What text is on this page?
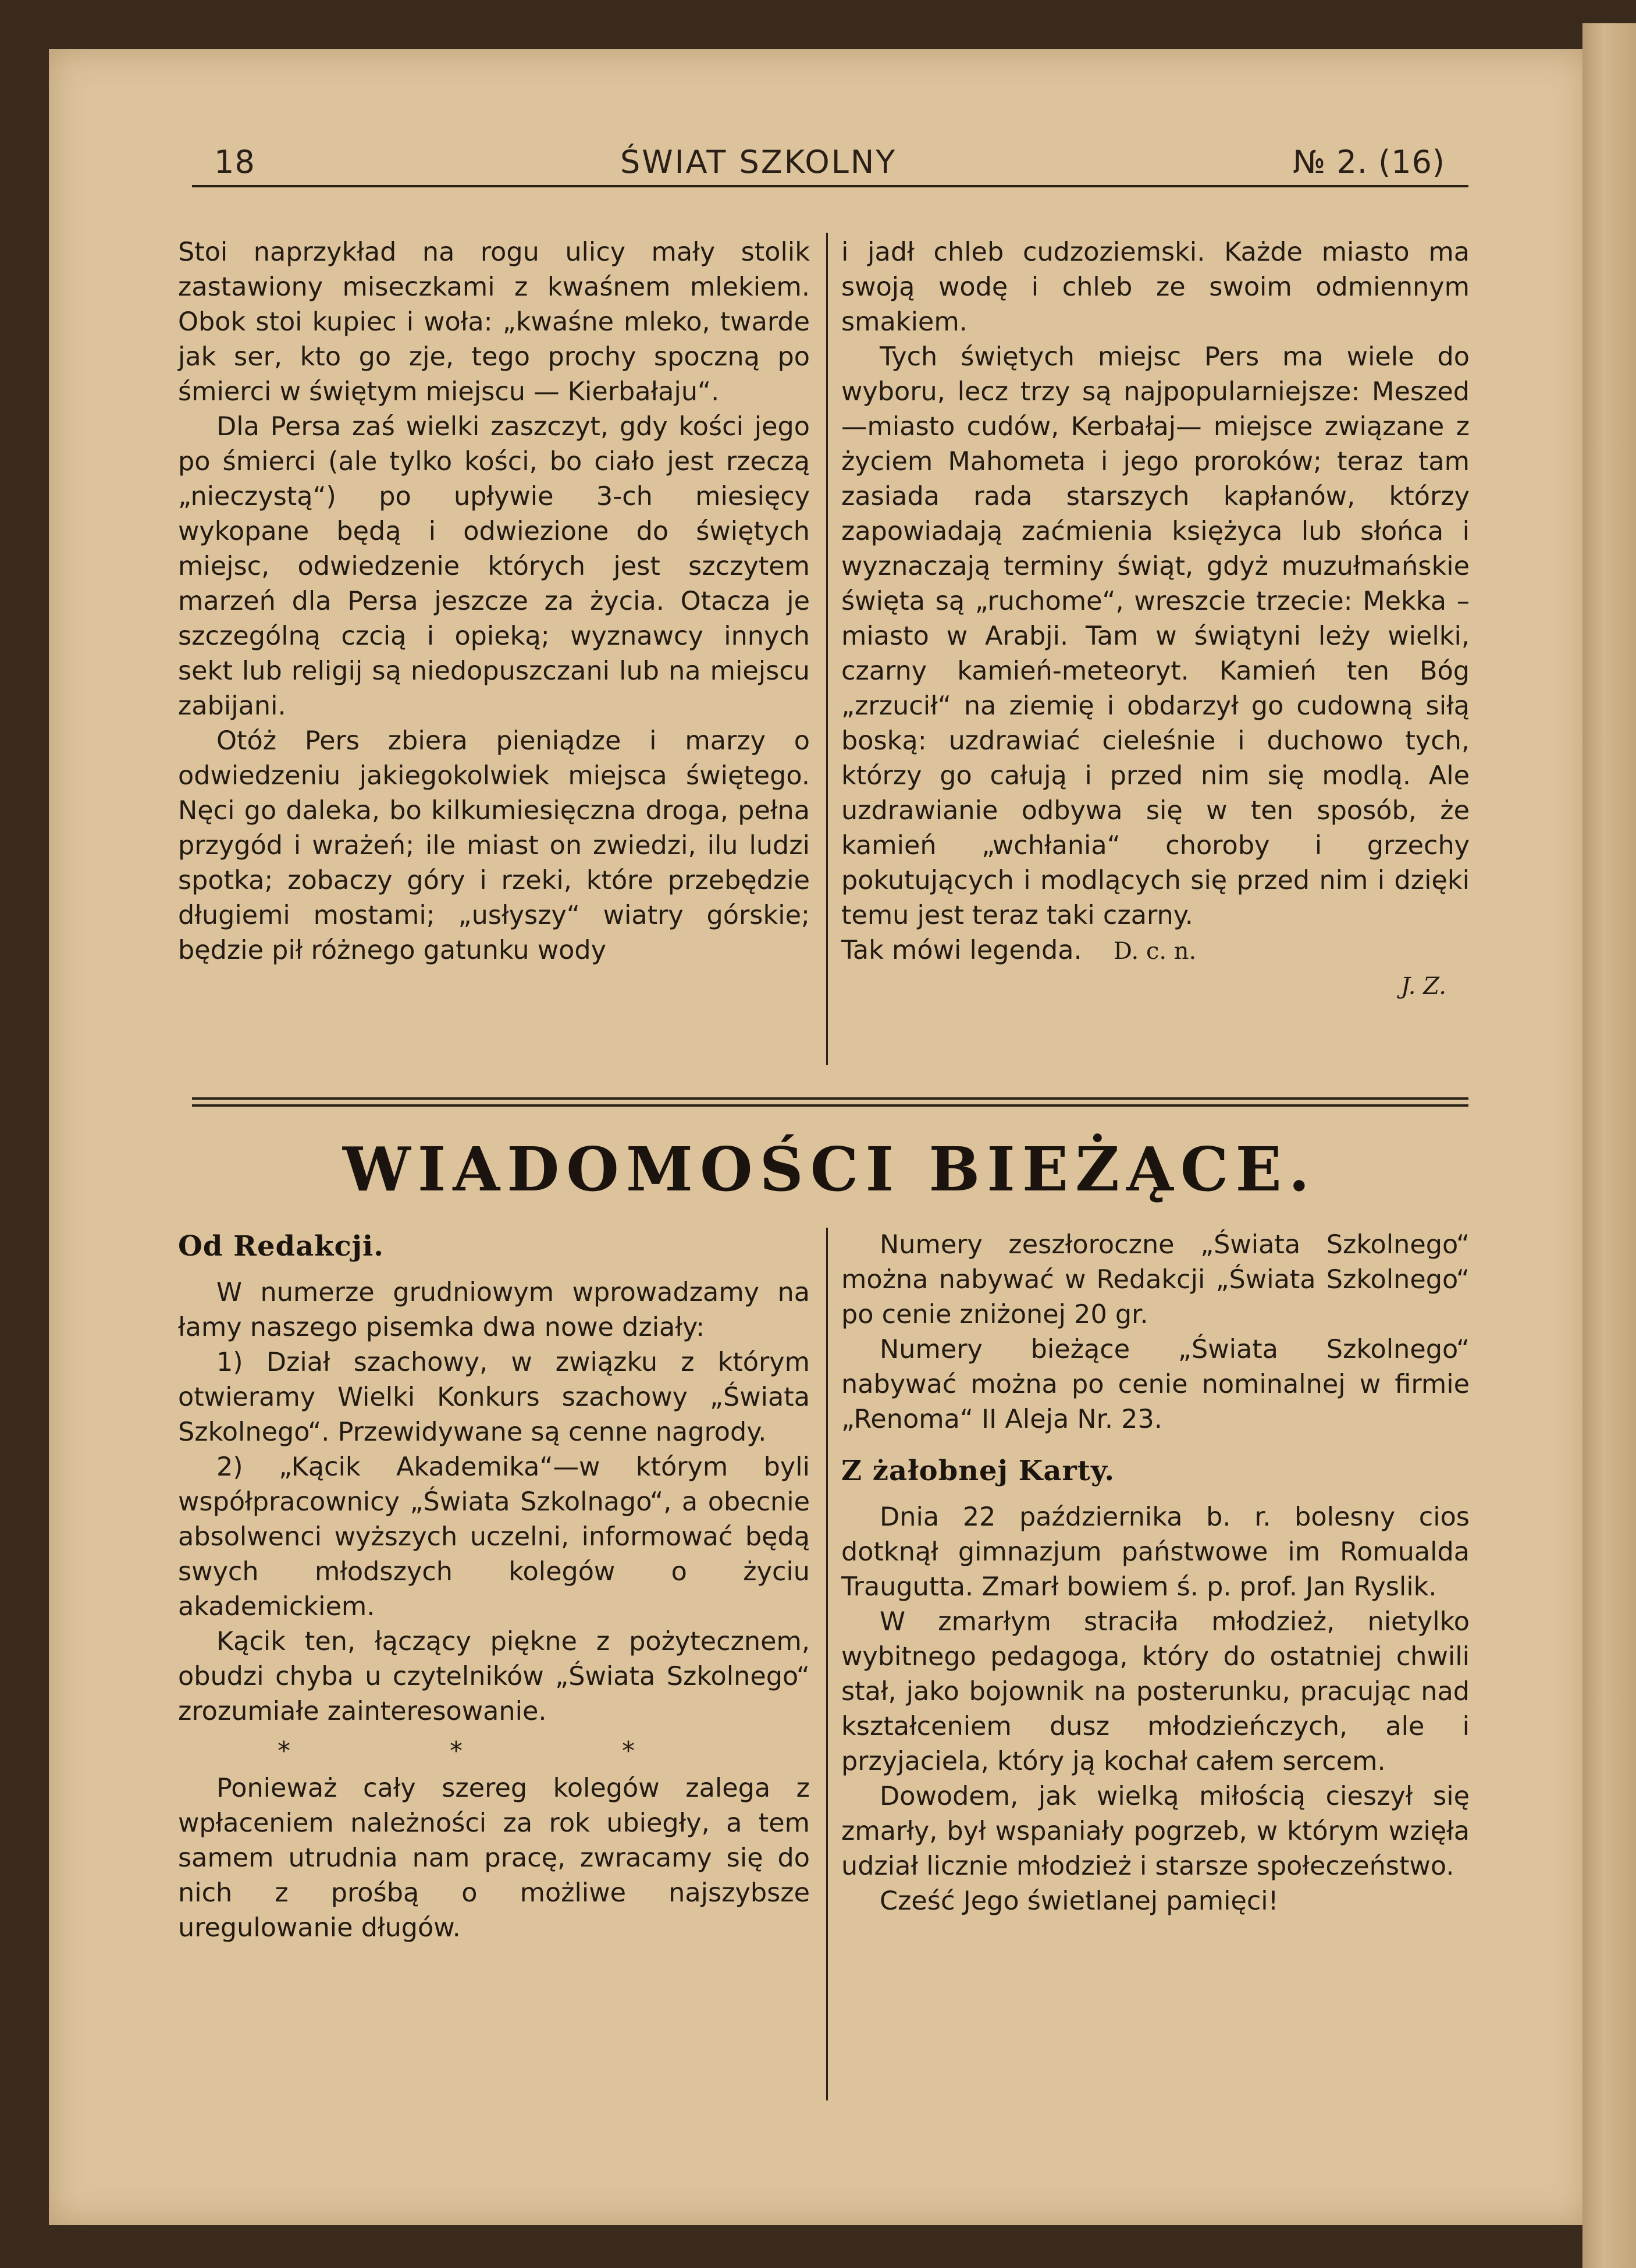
18	ŚWIAT SZKOLNY	№ 2. (16)

Stoi naprzykład na rogu ulicy mały stolik zastawiony miseczkami z kwaśnem mlekiem. Obok stoi kupiec i woła: „kwaśne mleko, twarde jak ser, kto go zje, tego prochy spoczną po śmierci w świętym miejscu — Kierbałaju“.

Dla Persa zaś wielki zaszczyt, gdy kości jego po śmierci (ale tylko kości, bo ciało jest rzeczą „nieczystą“) po upływie 3-ch miesięcy wykopane będą i odwiezione do świętych miejsc, odwiedzenie których jest szczytem marzeń dla Persa jeszcze za życia. Otacza je szczególną czcią i opieką; wyznawcy innych sekt lub religij są niedopuszczani lub na miejscu zabijani.

Otóż Pers zbiera pieniądze i marzy o odwiedzeniu jakiegokolwiek miejsca świętego. Nęci go daleka, bo kilkumiesięczna droga, pełna przygód i wrażeń; ile miast on zwiedzi, ilu ludzi spotka; zobaczy góry i rzeki, które przebędzie długiemi mostami; „usłyszy“ wiatry górskie; będzie pił różnego gatunku wody

i jadł chleb cudzoziemski. Każde miasto ma swoją wodę i chleb ze swoim odmiennym smakiem.

Tych świętych miejsc Pers ma wiele do wyboru, lecz trzy są najpopularniejsze: Meszed—miasto cudów, Kerbałaj— miejsce związane z życiem Mahometa i jego proroków; teraz tam zasiada rada starszych kapłanów, którzy zapowiadają zaćmienia księżyca lub słońca i wyznaczają terminy świąt, gdyż muzułmańskie święta są „ruchome“, wreszcie trzecie: Mekka – miasto w Arabji. Tam w świątyni leży wielki, czarny kamień-meteoryt. Kamień ten Bóg „zrzucił“ na ziemię i obdarzył go cudowną siłą boską: uzdrawiać cieleśnie i duchowo tych, którzy go całują i przed nim się modlą. Ale uzdrawianie odbywa się w ten sposób, że kamień „wchłania“ choroby i grzechy pokutujących i modlących się przed nim i dzięki temu jest teraz taki czarny.

Tak mówi legenda. D. c. n.

J. Z.

WIADOMOŚCI BIEŻĄCE.
Od Redakcji.

W numerze grudniowym wprowadzamy na łamy naszego pisemka dwa nowe działy:

1) Dział szachowy, w związku z którym otwieramy Wielki Konkurs szachowy „Świata Szkolnego“. Przewidywane są cenne nagrody.

2) „Kącik Akademika“—w którym byli współpracownicy „Świata Szkolnago“, a obecnie absolwenci wyższych uczelni, informować będą swych młodszych kolegów o życiu akademickiem.

Kącik ten, łączący piękne z pożytecznem, obudzi chyba u czytelników „Świata Szkolnego“ zrozumiałe zainteresowanie.

* * *

Ponieważ cały szereg kolegów zalega z wpłaceniem należności za rok ubiegły, a tem samem utrudnia nam pracę, zwracamy się do nich z prośbą o możliwe najszybsze uregulowanie długów.

Numery zeszłoroczne „Świata Szkolnego“ można nabywać w Redakcji „Świata Szkolnego“ po cenie zniżonej 20 gr.

Numery bieżące „Świata Szkolnego“ nabywać można po cenie nominalnej w firmie „Renoma“ II Aleja Nr. 23.

Z żałobnej Karty.

Dnia 22 października b. r. bolesny cios dotknął gimnazjum państwowe im Romualda Traugutta. Zmarł bowiem ś. p. prof. Jan Ryslik.

W zmarłym straciła młodzież, nietylko wybitnego pedagoga, który do ostatniej chwili stał, jako bojownik na posterunku, pracując nad kształceniem dusz młodzieńczych, ale i przyjaciela, który ją kochał całem sercem.

Dowodem, jak wielką miłością cieszył się zmarły, był wspaniały pogrzeb, w którym wzięła udział licznie młodzież i starsze społeczeństwo.

Cześć Jego świetlanej pamięci!
